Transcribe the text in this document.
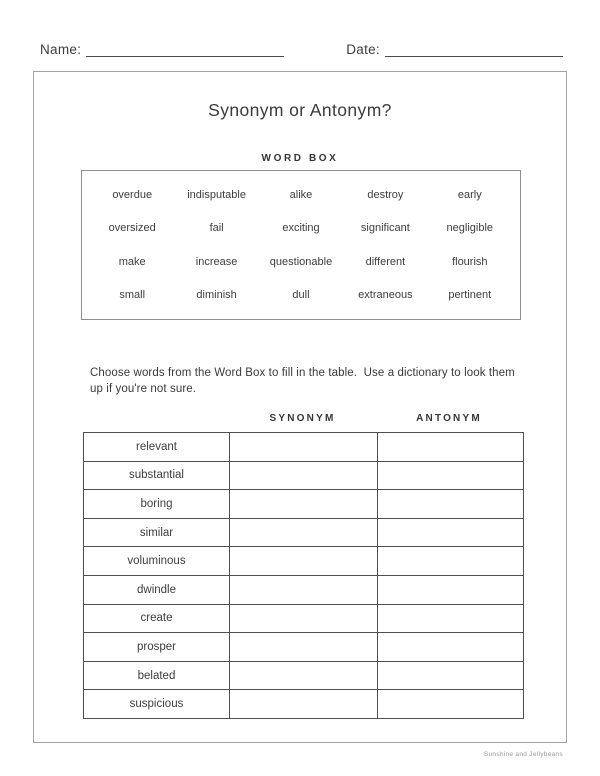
Name:	Date:
Synonym or Antonym?
WORD BOX
overdue	indisputable	alike	destroy	early
oversized	fail	exciting	significant	negligible
make	increase	questionable	different	flourish
small	diminish	dull	extraneous	pertinent

Choose words from the Word Box to fill in the table.  Use a dictionary to look them up if you're not sure.

SYNONYM	ANTONYM
relevant		
substantial		
boring		
similar		
voluminous		
dwindle		
create		
prosper		
belated		
suspicious		
Sunshine and Jellybeans
